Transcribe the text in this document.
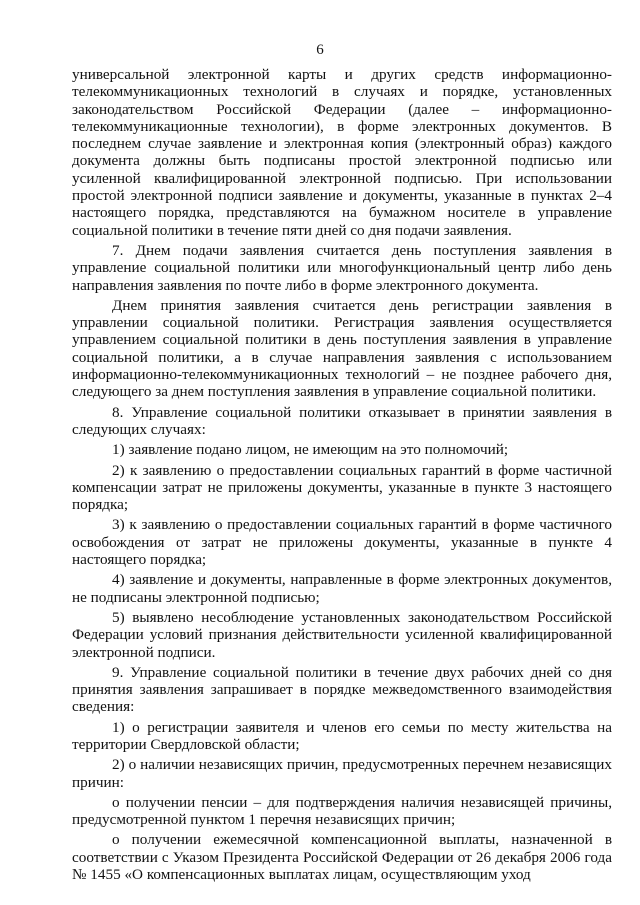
6

универсальной электронной карты и других средств информационно-телекоммуникационных технологий в случаях и порядке, установленных законодательством Российской Федерации (далее – информационно-телекоммуникационные технологии), в форме электронных документов. В последнем случае заявление и электронная копия (электронный образ) каждого документа должны быть подписаны простой электронной подписью или усиленной квалифицированной электронной подписью. При использовании простой электронной подписи заявление и документы, указанные в пунктах 2–4 настоящего порядка, представляются на бумажном носителе в управление социальной политики в течение пяти дней со дня подачи заявления.

7. Днем подачи заявления считается день поступления заявления в управление социальной политики или многофункциональный центр либо день направления заявления по почте либо в форме электронного документа.

Днем принятия заявления считается день регистрации заявления в управлении социальной политики. Регистрация заявления осуществляется управлением социальной политики в день поступления заявления в управление социальной политики, а в случае направления заявления с использованием информационно-телекоммуникационных технологий – не позднее рабочего дня, следующего за днем поступления заявления в управление социальной политики.

8. Управление социальной политики отказывает в принятии заявления в следующих случаях:

1) заявление подано лицом, не имеющим на это полномочий;

2) к заявлению о предоставлении социальных гарантий в форме частичной компенсации затрат не приложены документы, указанные в пункте 3 настоящего порядка;

3) к заявлению о предоставлении социальных гарантий в форме частичного освобождения от затрат не приложены документы, указанные в пункте 4 настоящего порядка;

4) заявление и документы, направленные в форме электронных документов, не подписаны электронной подписью;

5) выявлено несоблюдение установленных законодательством Российской Федерации условий признания действительности усиленной квалифицированной электронной подписи.

9. Управление социальной политики в течение двух рабочих дней со дня принятия заявления запрашивает в порядке межведомственного взаимодействия сведения:

1) о регистрации заявителя и членов его семьи по месту жительства на территории Свердловской области;

2) о наличии независящих причин, предусмотренных перечнем независящих причин:

о получении пенсии – для подтверждения наличия независящей причины, предусмотренной пунктом 1 перечня независящих причин;

о получении ежемесячной компенсационной выплаты, назначенной в соответствии с Указом Президента Российской Федерации от 26 декабря 2006 года № 1455 «О компенсационных выплатах лицам, осуществляющим уход
